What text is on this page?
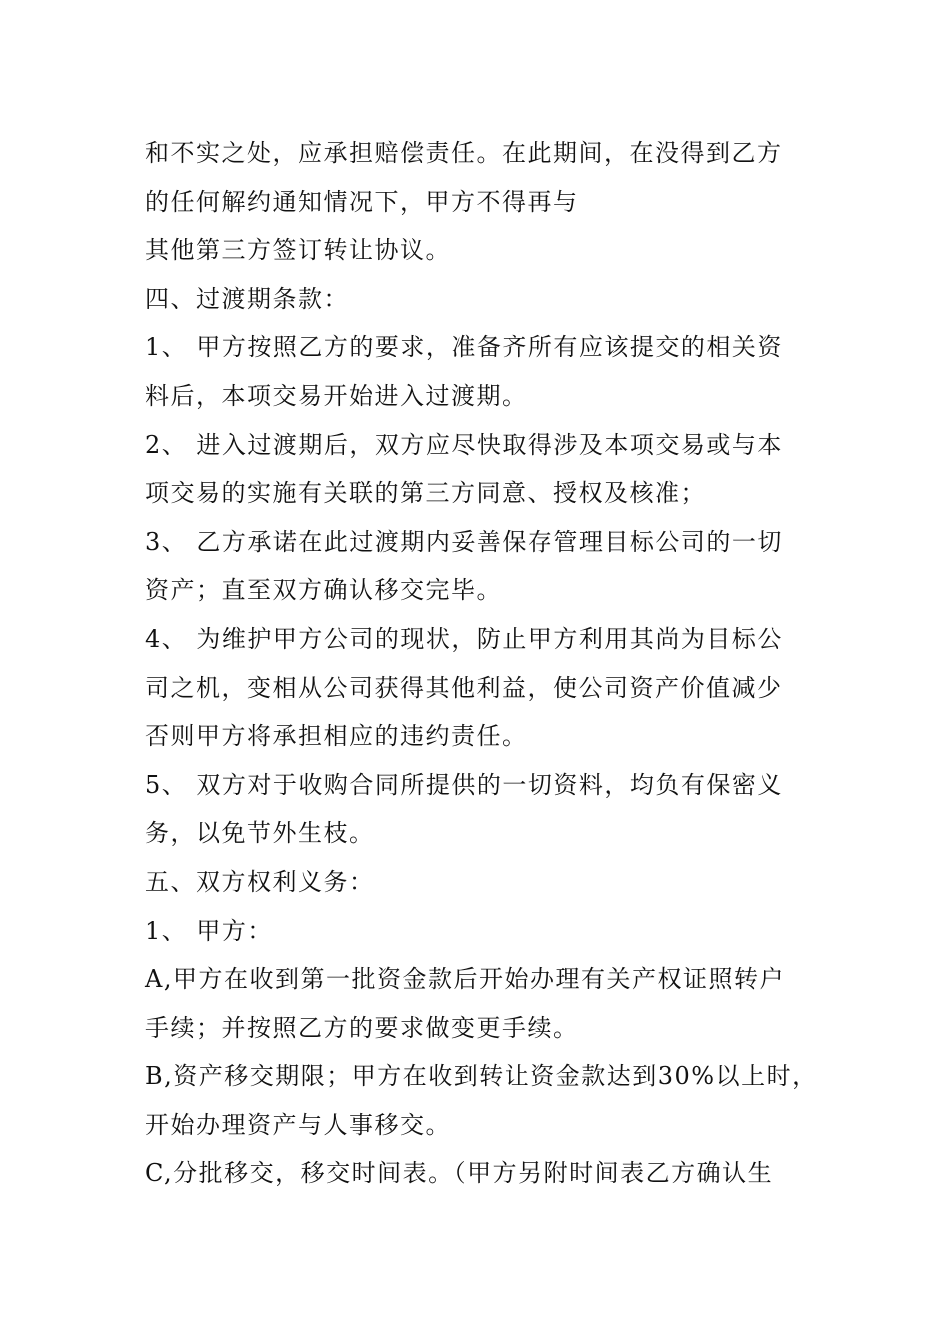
和不实之处，应承担赔偿责任。在此期间，在没得到乙方
的任何解约通知情况下，甲方不得再与
其他第三方签订转让协议。
四、过渡期条款：
1、 甲方按照乙方的要求，准备齐所有应该提交的相关资
料后，本项交易开始进入过渡期。
2、 进入过渡期后，双方应尽快取得涉及本项交易或与本
项交易的实施有关联的第三方同意、授权及核准；
3、 乙方承诺在此过渡期内妥善保存管理目标公司的一切
资产；直至双方确认移交完毕。
4、 为维护甲方公司的现状，防止甲方利用其尚为目标公
司之机，变相从公司获得其他利益，使公司资产价值减少
否则甲方将承担相应的违约责任。
5、 双方对于收购合同所提供的一切资料，均负有保密义
务，以免节外生枝。
五、双方权利义务：
1、 甲方：
A,甲方在收到第一批资金款后开始办理有关产权证照转户
手续；并按照乙方的要求做变更手续。
B,资产移交期限；甲方在收到转让资金款达到30%以上时，
开始办理资产与人事移交。
C,分批移交，移交时间表。（甲方另附时间表乙方确认生
